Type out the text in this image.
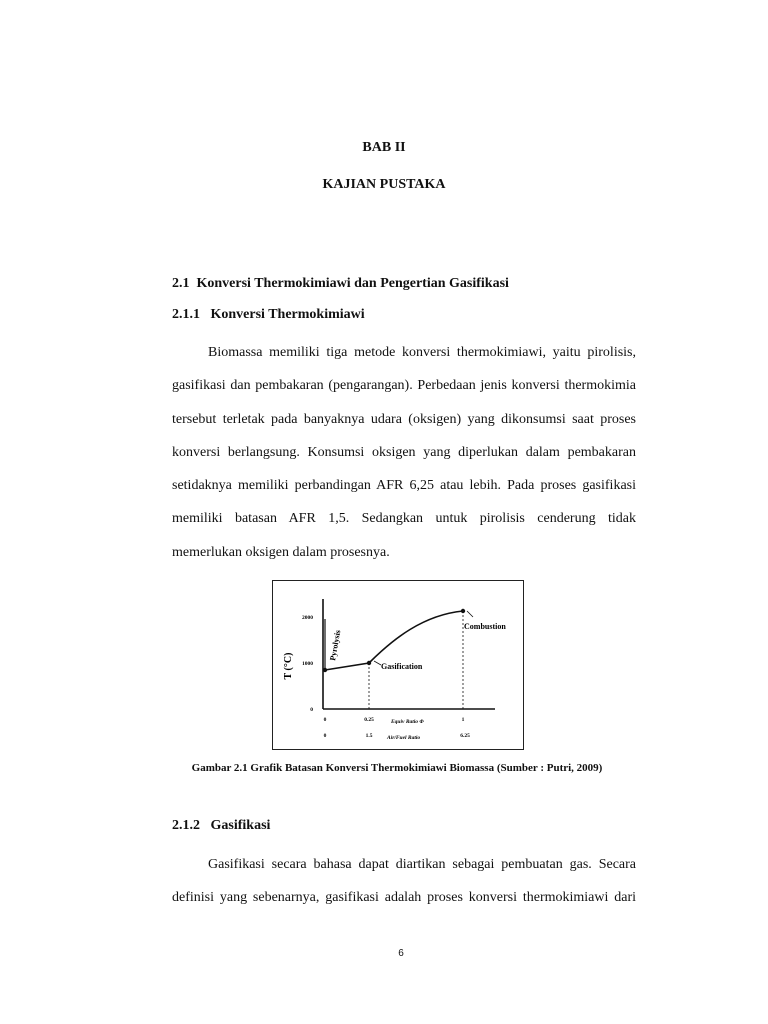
BAB II
KAJIAN PUSTAKA
2.1 Konversi Thermokimiawi dan Pengertian Gasifikasi
2.1.1 Konversi Thermokimiawi
Biomassa memiliki tiga metode konversi thermokimiawi, yaitu pirolisis,
gasifikasi dan pembakaran (pengarangan). Perbedaan jenis konversi thermokimia
tersebut terletak pada banyaknya udara (oksigen) yang dikonsumsi saat proses
konversi berlangsung. Konsumsi oksigen yang diperlukan dalam pembakaran
setidaknya memiliki perbandingan AFR 6,25 atau lebih. Pada proses gasifikasi
memiliki batasan AFR 1,5. Sedangkan untuk pirolisis cenderung tidak
memerlukan oksigen dalam prosesnya.
T (°C)
2000
1000
0
Pyrolysis
Gasification
Combustion
0	0.25	1
Equiv Ratio Φ
0	1.5	6.25
Air/Fuel Ratio
Gambar 2.1 Grafik Batasan Konversi Thermokimiawi Biomassa (Sumber : Putri, 2009)
2.1.2 Gasifikasi
Gasifikasi secara bahasa dapat diartikan sebagai pembuatan gas. Secara
definisi yang sebenarnya, gasifikasi adalah proses konversi thermokimiawi dari
6
